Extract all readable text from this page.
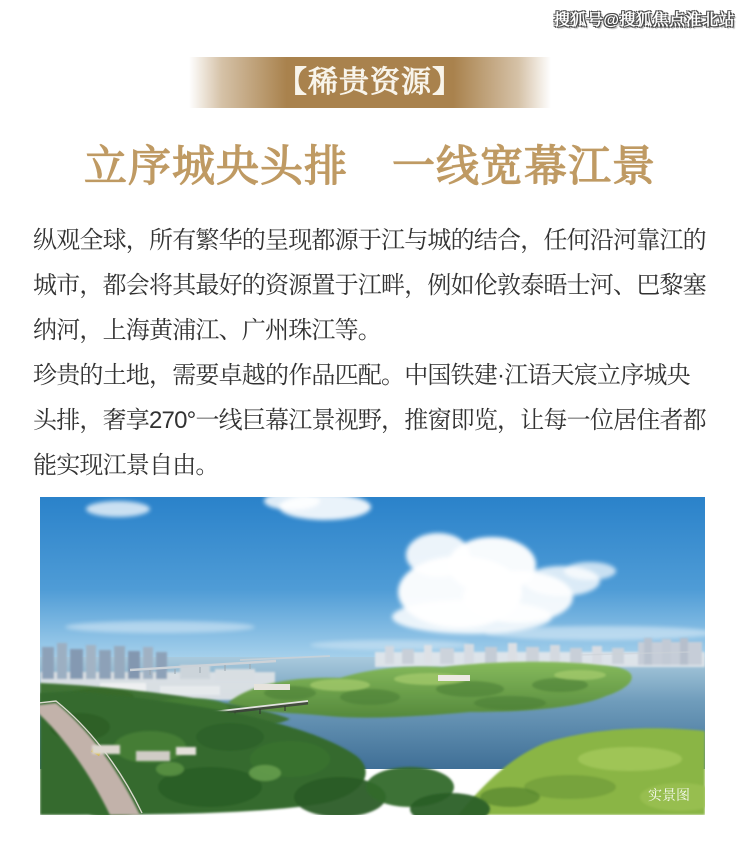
搜狐号@搜狐焦点淮北站
【稀贵资源】
立序城央头排　一线宽幕江景

纵观全球，所有繁华的呈现都源于江与城的结合，任何沿河靠江的
城市，都会将其最好的资源置于江畔，例如伦敦泰晤士河、巴黎塞
纳河，上海黄浦江、广州珠江等。

珍贵的土地，需要卓越的作品匹配。中国铁建·江语天宸立序城央
头排，奢享270°一线巨幕江景视野，推窗即览，让每一位居住者都
能实现江景自由。

实景图
